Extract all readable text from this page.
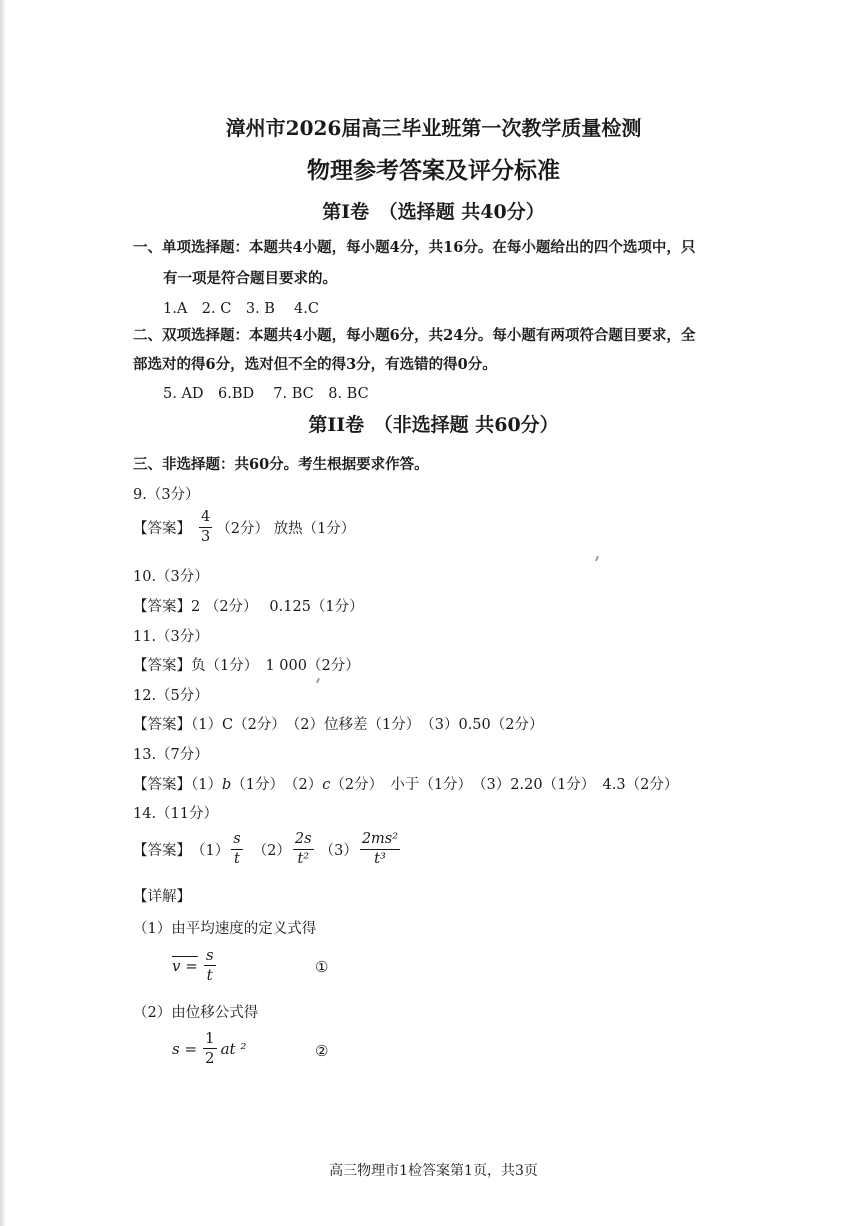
漳州市2026届高三毕业班第一次教学质量检测
物理参考答案及评分标准
第I卷　（选择题 共40分）
一、单项选择题：本题共4小题，每小题4分，共16分。在每小题给出的四个选项中，只
有一项是符合题目要求的。
1.A　2. C　3. B　 4.C
二、双项选择题：本题共4小题，每小题6分，共24分。每小题有两项符合题目要求，全
部选对的得6分，选对但不全的得3分，有选错的得0分。
5. AD　6.BD　 7. BC　8. BC
第II卷　（非选择题 共60分）
三、非选择题：共60分。考生根据要求作答。
9.（3分）
【答案】 $\frac{4}{3} (2$分） 放热（1分）
10.（3分）
【答案】2 （2分）　 0.125（1分）
11.（3分）
【答案】负（1分）　1 000（2分）
12.（5分）
【答案】（1）C（2分）　（2）位移差（1分）　（3）0.50（2分）
13.（7分）
【答案】（1）b（1分）　（2）c（2分）　小于（1分）　（3）2.20（1分）　4.3（2分）
14.（11分）
【答案】 $(1) \frac{s}{t} (2) \frac{2s}{\text{t²}} (3) \frac{\text{2ms²}}{\text{t³}}$
【详解】
（1）由平均速度的定义式得
$v = \frac{s}{t}$	①
（2）由位移公式得
$s = \frac{1}{2}$ at ²	②
高三物理市1检答案第1页，共3页
